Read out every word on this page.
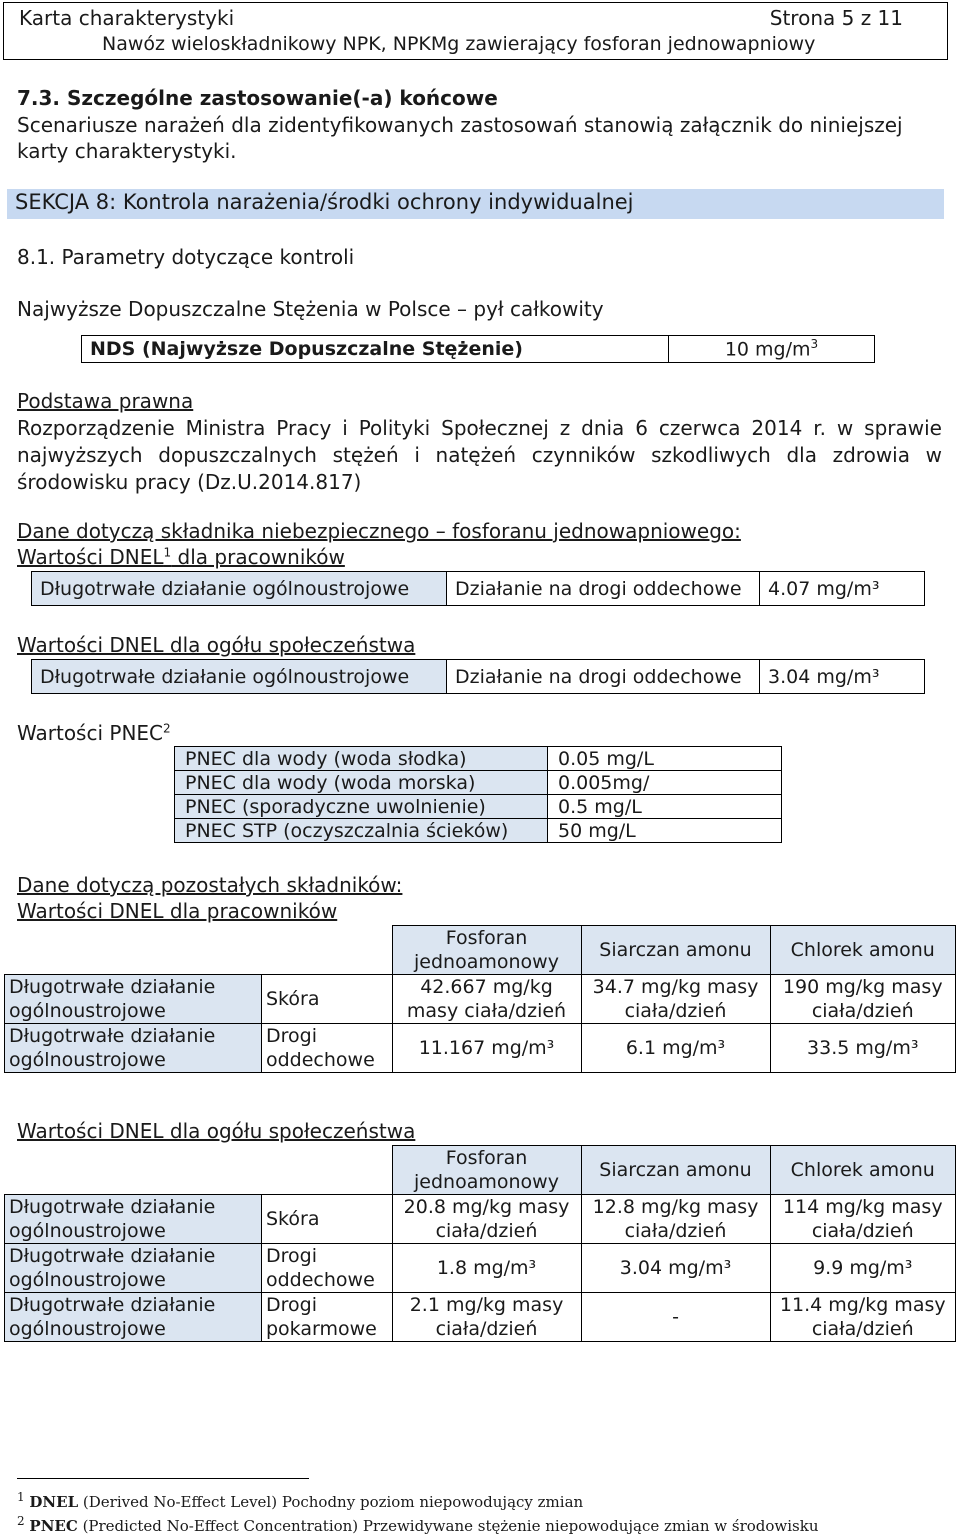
Karta charakterystyki	Strona 5 z 11
Nawóz wieloskładnikowy NPK, NPKMg zawierający fosforan jednowapniowy
7.3. Szczególne zastosowanie(-a) końcowe
Scenariusze narażeń dla zidentyfikowanych zastosowań stanowią załącznik do niniejszej karty charakterystyki.
SEKCJA 8: Kontrola narażenia/środki ochrony indywidualnej
8.1. Parametry dotyczące kontroli
Najwyższe Dopuszczalne Stężenia w Polsce – pył całkowity
NDS (Najwyższe Dopuszczalne Stężenie)	10 $mg/m^3$
Podstawa prawna
Rozporządzenie Ministra Pracy i Polityki Społecznej z dnia 6 czerwca 2014 r. w sprawie najwyższych dopuszczalnych stężeń i natężeń czynników szkodliwych dla zdrowia w środowisku pracy (Dz.U.2014.817)
Dane dotyczą składnika niebezpiecznego – fosforanu jednowapniowego:
Wartości DNEL$^1$ dla pracowników
Długotrwałe działanie ogólnoustrojowe	Działanie na drogi oddechowe	4.07 mg/m³
Wartości DNEL dla ogółu społeczeństwa
Długotrwałe działanie ogólnoustrojowe	Działanie na drogi oddechowe	3.04 mg/m³
Wartości PNEC$^2$
PNEC dla wody (woda słodka)	0.05 mg/L
PNEC dla wody (woda morska)	0.005mg/
PNEC (sporadyczne uwolnienie)	0.5 mg/L
PNEC STP (oczyszczalnia ścieków)	50 mg/L
Dane dotyczą pozostałych składników:
Wartości DNEL dla pracowników
		Fosforan jednoamonowy	Siarczan amonu	Chlorek amonu
Długotrwałe działanie ogólnoustrojowe	Skóra	42.667 mg/kg masy ciała/dzień	34.7 mg/kg masy ciała/dzień	190 mg/kg masy ciała/dzień
Długotrwałe działanie ogólnoustrojowe	Drogi oddechowe	11.167 mg/m³	6.1 mg/m³	33.5 mg/m³
Wartości DNEL dla ogółu społeczeństwa
		Fosforan jednoamonowy	Siarczan amonu	Chlorek amonu
Długotrwałe działanie ogólnoustrojowe	Skóra	20.8 mg/kg masy ciała/dzień	12.8 mg/kg masy ciała/dzień	114 mg/kg masy ciała/dzień
Długotrwałe działanie ogólnoustrojowe	Drogi oddechowe	1.8 mg/m³	3.04 mg/m³	9.9 mg/m³
Długotrwałe działanie ogólnoustrojowe	Drogi pokarmowe	2.1 mg/kg masy ciała/dzień	-	11.4 mg/kg masy ciała/dzień
$^1$ DNEL (Derived No-Effect Level) Pochodny poziom niepowodujący zmian
$^2$ PNEC (Predicted No-Effect Concentration) Przewidywane stężenie niepowodujące zmian w środowisku
